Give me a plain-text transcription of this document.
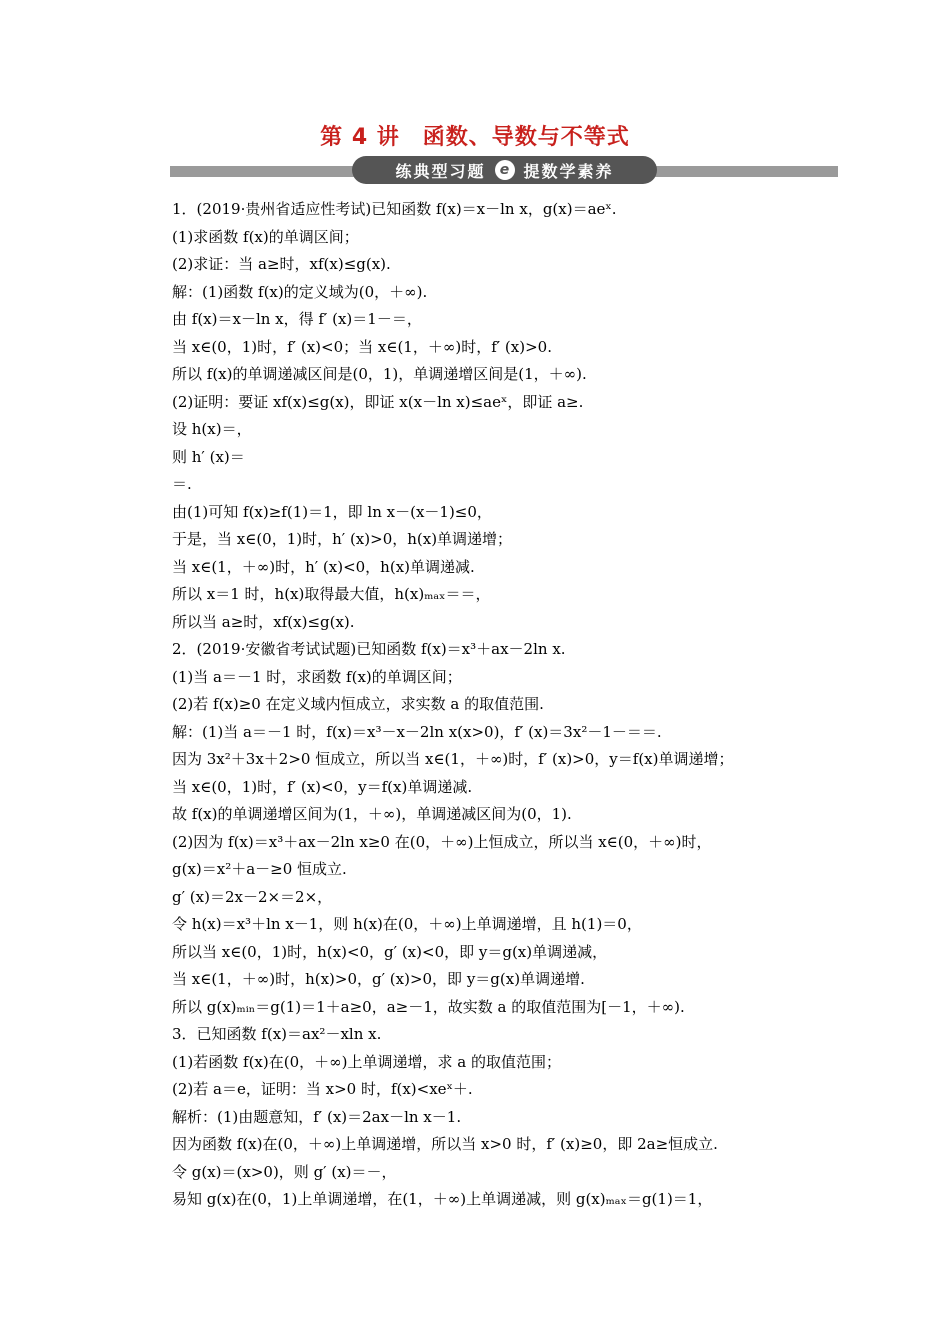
第 4 讲　函数、导数与不等式
练典型习题	e 提数学素养
1．(2019·贵州省适应性考试)已知函数 f(x)＝x－ln x，g(x)＝aeˣ.
(1)求函数 f(x)的单调区间；
(2)求证：当 a≥时，xf(x)≤g(x).
解：(1)函数 f(x)的定义域为(0，＋∞).
由 f(x)＝x－ln x，得 f′ (x)＝1－＝，
当 x∈(0，1)时，f′ (x)<0；当 x∈(1，＋∞)时，f′ (x)>0.
所以 f(x)的单调递减区间是(0，1)，单调递增区间是(1，＋∞).
(2)证明：要证 xf(x)≤g(x)，即证 x(x－ln x)≤aeˣ，即证 a≥.
设 h(x)＝，
则 h′ (x)＝
＝.
由(1)可知 f(x)≥f(1)＝1，即 ln x－(x－1)≤0，
于是，当 x∈(0，1)时，h′ (x)>0，h(x)单调递增；
当 x∈(1，＋∞)时，h′ (x)<0，h(x)单调递减.
所以 x＝1 时，h(x)取得最大值，h(x)ₘₐₓ＝＝，
所以当 a≥时，xf(x)≤g(x).
2．(2019·安徽省考试试题)已知函数 f(x)＝x³＋ax－2ln x.
(1)当 a＝－1 时，求函数 f(x)的单调区间；
(2)若 f(x)≥0 在定义域内恒成立，求实数 a 的取值范围.
解：(1)当 a＝－1 时，f(x)＝x³－x－2ln x(x>0)，f′ (x)＝3x²－1－＝＝.
因为 3x²＋3x＋2>0 恒成立，所以当 x∈(1，＋∞)时，f′ (x)>0，y＝f(x)单调递增；
当 x∈(0，1)时，f′ (x)<0，y＝f(x)单调递减.
故 f(x)的单调递增区间为(1，＋∞)，单调递减区间为(0，1).
(2)因为 f(x)＝x³＋ax－2ln x≥0 在(0，＋∞)上恒成立，所以当 x∈(0，＋∞)时，
g(x)＝x²＋a－≥0 恒成立.
g′ (x)＝2x－2×＝2×，
令 h(x)＝x³＋ln x－1，则 h(x)在(0，＋∞)上单调递增，且 h(1)＝0，
所以当 x∈(0，1)时，h(x)<0，g′ (x)<0，即 y＝g(x)单调递减，
当 x∈(1，＋∞)时，h(x)>0，g′ (x)>0，即 y＝g(x)单调递增.
所以 g(x)ₘᵢₙ＝g(1)＝1＋a≥0，a≥－1，故实数 a 的取值范围为[－1，＋∞).
3．已知函数 f(x)＝ax²－xln x.
(1)若函数 f(x)在(0，＋∞)上单调递增，求 a 的取值范围；
(2)若 a＝e，证明：当 x>0 时，f(x)<xeˣ＋.
解析：(1)由题意知，f′ (x)＝2ax－ln x－1.
因为函数 f(x)在(0，＋∞)上单调递增，所以当 x>0 时，f′ (x)≥0，即 2a≥恒成立.
令 g(x)＝(x>0)，则 g′ (x)＝－，
易知 g(x)在(0，1)上单调递增，在(1，＋∞)上单调递减，则 g(x)ₘₐₓ＝g(1)＝1，
